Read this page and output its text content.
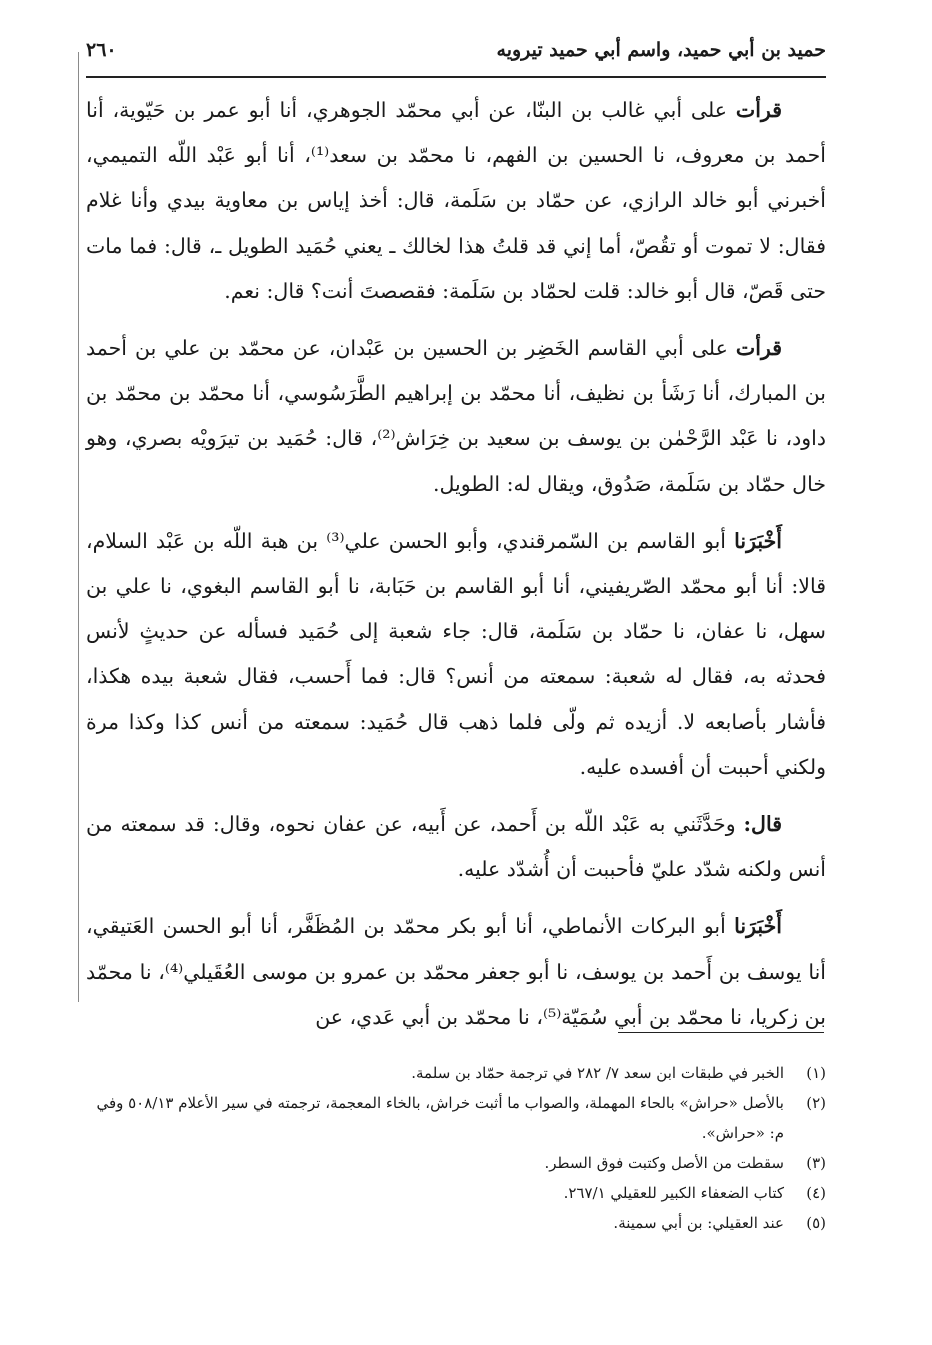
حميد بن أبي حميد، واسم أبي حميد تيرويه
٢٦٠

قرأت على أبي غالب بن البنّا، عن أبي محمّد الجوهري، أنا أبو عمر بن حَيّوية، أنا أحمد بن معروف، نا الحسين بن الفهم، نا محمّد بن سعد⁽¹⁾، أنا أبو عَبْد اللّه التميمي، أخبرني أبو خالد الرازي، عن حمّاد بن سَلَمة، قال: أخذ إياس بن معاوية بيدي وأنا غلام فقال: لا تموت أو تقُصّ، أما إني قد قلتُ هذا لخالك ـ يعني حُمَيد الطويل ـ، قال: فما مات حتى قَصّ، قال أبو خالد: قلت لحمّاد بن سَلَمة: فقصصتَ أنت؟ قال: نعم.

قرأت على أبي القاسم الخَضِر بن الحسين بن عَبْدان، عن محمّد بن علي بن أحمد بن المبارك، أنا رَشَأ بن نظيف، أنا محمّد بن إبراهيم الطَّرَسُوسي، أنا محمّد بن محمّد بن داود، نا عَبْد الرَّحْمٰن بن يوسف بن سعيد بن خِرَاش⁽²⁾، قال: حُمَيد بن تيرَويْه بصري، وهو خال حمّاد بن سَلَمة، صَدُوق، ويقال له: الطويل.

أَخْبَرَنا أبو القاسم بن السّمرقندي، وأبو الحسن علي⁽³⁾ بن هبة اللّه بن عَبْد السلام، قالا: أنا أبو محمّد الصّريفيني، أنا أبو القاسم بن حَبَابة، نا أبو القاسم البغوي، نا علي بن سهل، نا عفان، نا حمّاد بن سَلَمة، قال: جاء شعبة إلى حُمَيد فسأله عن حديثٍ لأنس فحدثه به، فقال له شعبة: سمعته من أنس؟ قال: فما أَحسب، فقال شعبة بيده هكذا، فأشار بأصابعه لا. أزيده ثم ولّى فلما ذهب قال حُمَيد: سمعته من أنس كذا وكذا مرة ولكني أحببت أن أفسده عليه.

قال: وحَدَّثَني به عَبْد اللّه بن أَحمد، عن أَبيه، عن عفان نحوه، وقال: قد سمعته من أنس ولكنه شدّد عليّ فأحببت أن أُشدّد عليه.

أَخْبَرَنا أبو البركات الأنماطي، أنا أبو بكر محمّد بن المُظَفَّر، أنا أبو الحسن العَتيقي، أنا يوسف بن أَحمد بن يوسف، نا أبو جعفر محمّد بن عمرو بن موسى العُقَيلي⁽⁴⁾، نا محمّد بن زكريا، نا محمّد بن أبي سُمَيّة⁽⁵⁾، نا محمّد بن أبي عَدي، عن

(١)
الخبر في طبقات ابن سعد ٧/ ٢٨٢ في ترجمة حمّاد بن سلمة.
(٢)
بالأصل «حراش» بالحاء المهملة، والصواب ما أثبت خراش، بالخاء المعجمة، ترجمته في سير الأعلام ٥٠٨/١٣ وفي م: «حراش».
(٣)
سقطت من الأصل وكتبت فوق السطر.
(٤)
كتاب الضعفاء الكبير للعقيلي ٢٦٧/١.
(٥)
عند العقيلي: بن أبي سمينة.
